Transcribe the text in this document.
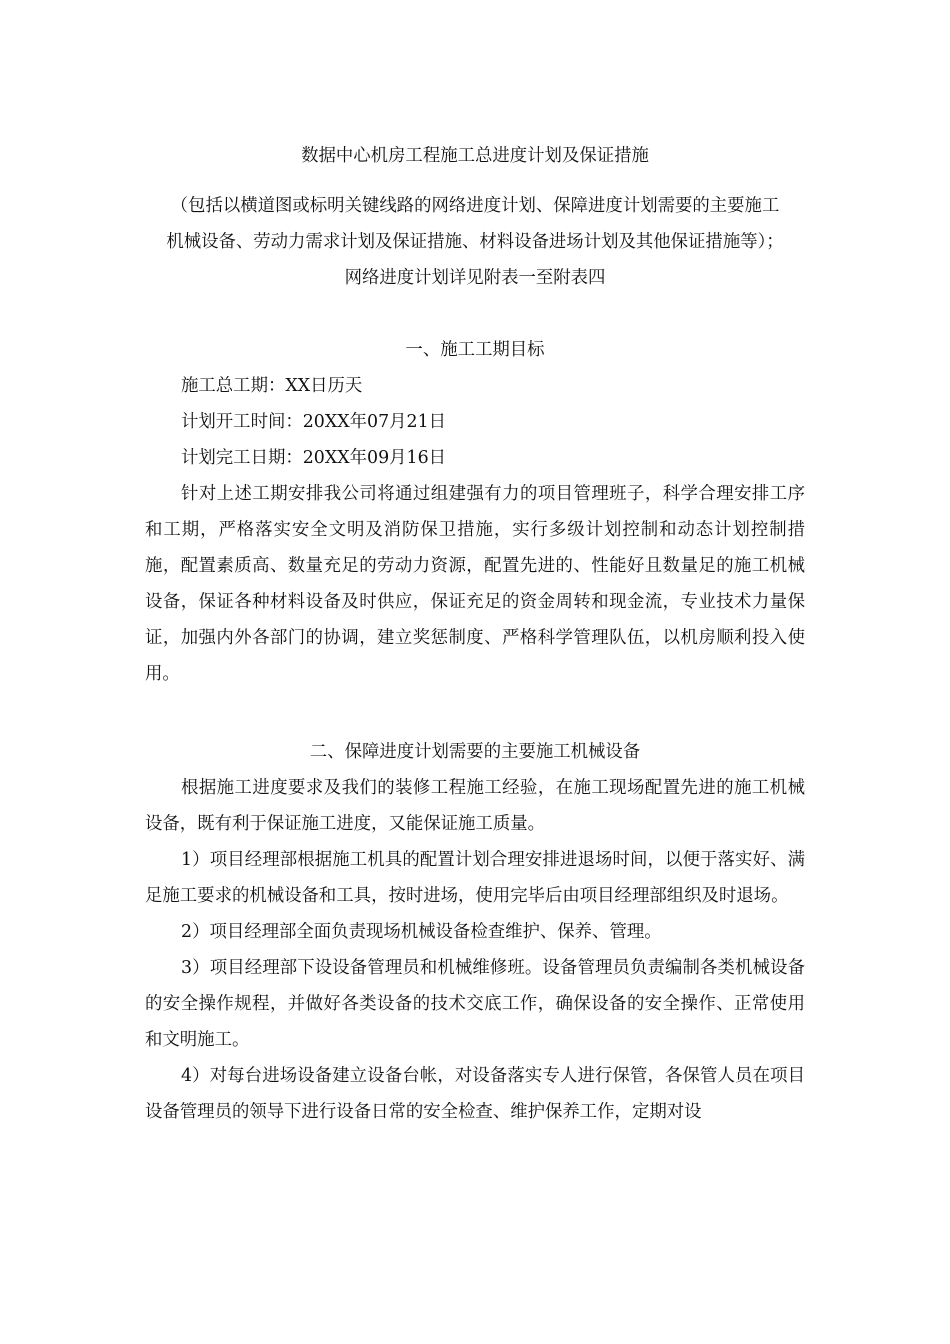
数据中心机房工程施工总进度计划及保证措施

（包括以横道图或标明关键线路的网络进度计划、保障进度计划需要的主要施工

机械设备、劳动力需求计划及保证措施、材料设备进场计划及其他保证措施等）；

网络进度计划详见附表一至附表四

一、施工工期目标

施工总工期：XX日历天

计划开工时间：20XX年07月21日

计划完工日期：20XX年09月16日

针对上述工期安排我公司将通过组建强有力的项目管理班子，科学合理安排工序和工期，严格落实安全文明及消防保卫措施，实行多级计划控制和动态计划控制措施，配置素质高、数量充足的劳动力资源，配置先进的、性能好且数量足的施工机械设备，保证各种材料设备及时供应，保证充足的资金周转和现金流，专业技术力量保证，加强内外各部门的协调，建立奖惩制度、严格科学管理队伍，以机房顺利投入使用。

二、保障进度计划需要的主要施工机械设备

根据施工进度要求及我们的装修工程施工经验，在施工现场配置先进的施工机械设备，既有利于保证施工进度，又能保证施工质量。

1）项目经理部根据施工机具的配置计划合理安排进退场时间，以便于落实好、满足施工要求的机械设备和工具，按时进场，使用完毕后由项目经理部组织及时退场。

2）项目经理部全面负责现场机械设备检查维护、保养、管理。

3）项目经理部下设设备管理员和机械维修班。设备管理员负责编制各类机械设备的安全操作规程，并做好各类设备的技术交底工作，确保设备的安全操作、正常使用和文明施工。

4）对每台进场设备建立设备台帐，对设备落实专人进行保管，各保管人员在项目设备管理员的领导下进行设备日常的安全检查、维护保养工作，定期对设
